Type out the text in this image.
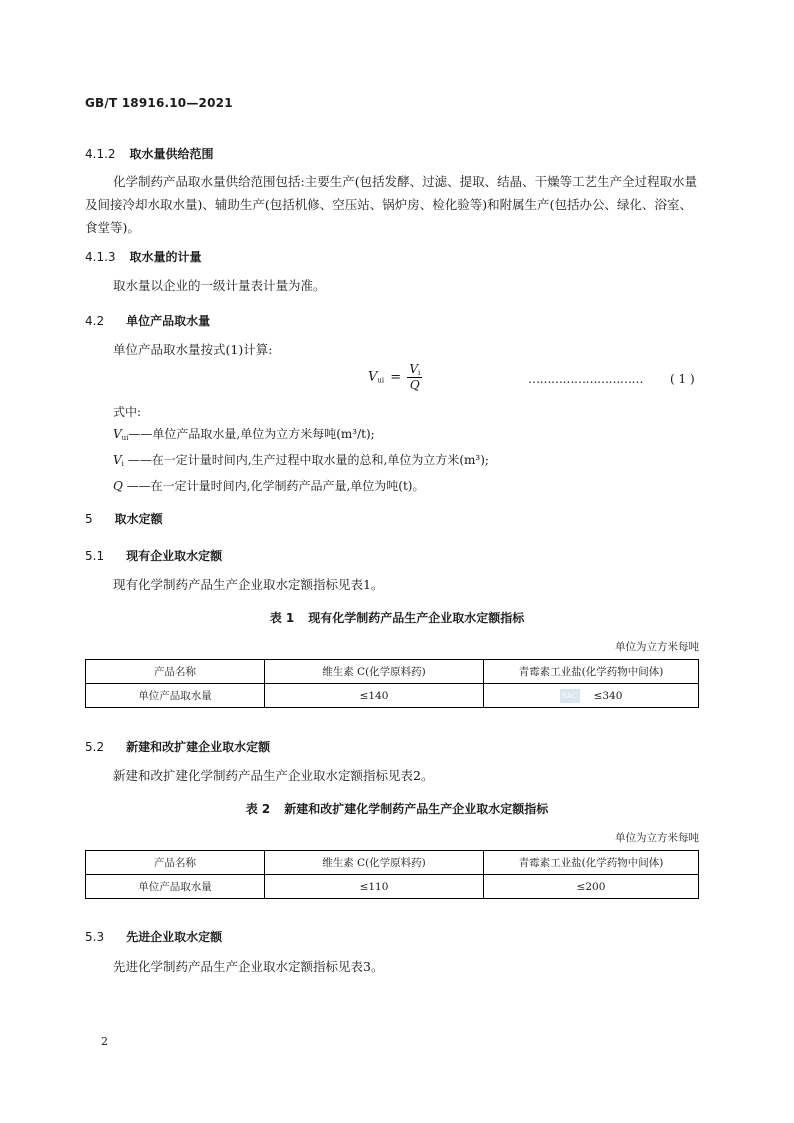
GB/T 18916.10—2021
4.1.2 取水量供给范围
化学制药产品取水量供给范围包括:主要生产(包括发酵、过滤、提取、结晶、干燥等工艺生产全过程取水量及间接冷却水取水量)、辅助生产(包括机修、空压站、锅炉房、检化验等)和附属生产(包括办公、绿化、浴室、食堂等)。
4.1.3 取水量的计量
取水量以企业的一级计量表计量为准。
4.2 单位产品取水量
单位产品取水量按式(1)计算:
$V_{ui} = \frac{V_i}{Q}$	………………………… ( 1 )
式中:
$V_{ui}——$单位产品取水量,单位为立方米每吨(m³/t);
$V_i$ ——在一定计量时间内,生产过程中取水量的总和,单位为立方米(m³);
Q ——在一定计量时间内,化学制药产品产量,单位为吨(t)。
5 取水定额
5.1 现有企业取水定额
现有化学制药产品生产企业取水定额指标见表1。
表 1 现有化学制药产品生产企业取水定额指标
单位为立方米每吨
产品名称	维生素 C(化学原料药)	青霉素工业盐(化学药物中间体)
单位产品取水量	≤140	SAC ≤340
5.2 新建和改扩建企业取水定额
新建和改扩建化学制药产品生产企业取水定额指标见表2。
表 2 新建和改扩建化学制药产品生产企业取水定额指标
单位为立方米每吨
产品名称	维生素 C(化学原料药)	青霉素工业盐(化学药物中间体)
单位产品取水量	≤110	≤200
5.3 先进企业取水定额
先进化学制药产品生产企业取水定额指标见表3。
2
